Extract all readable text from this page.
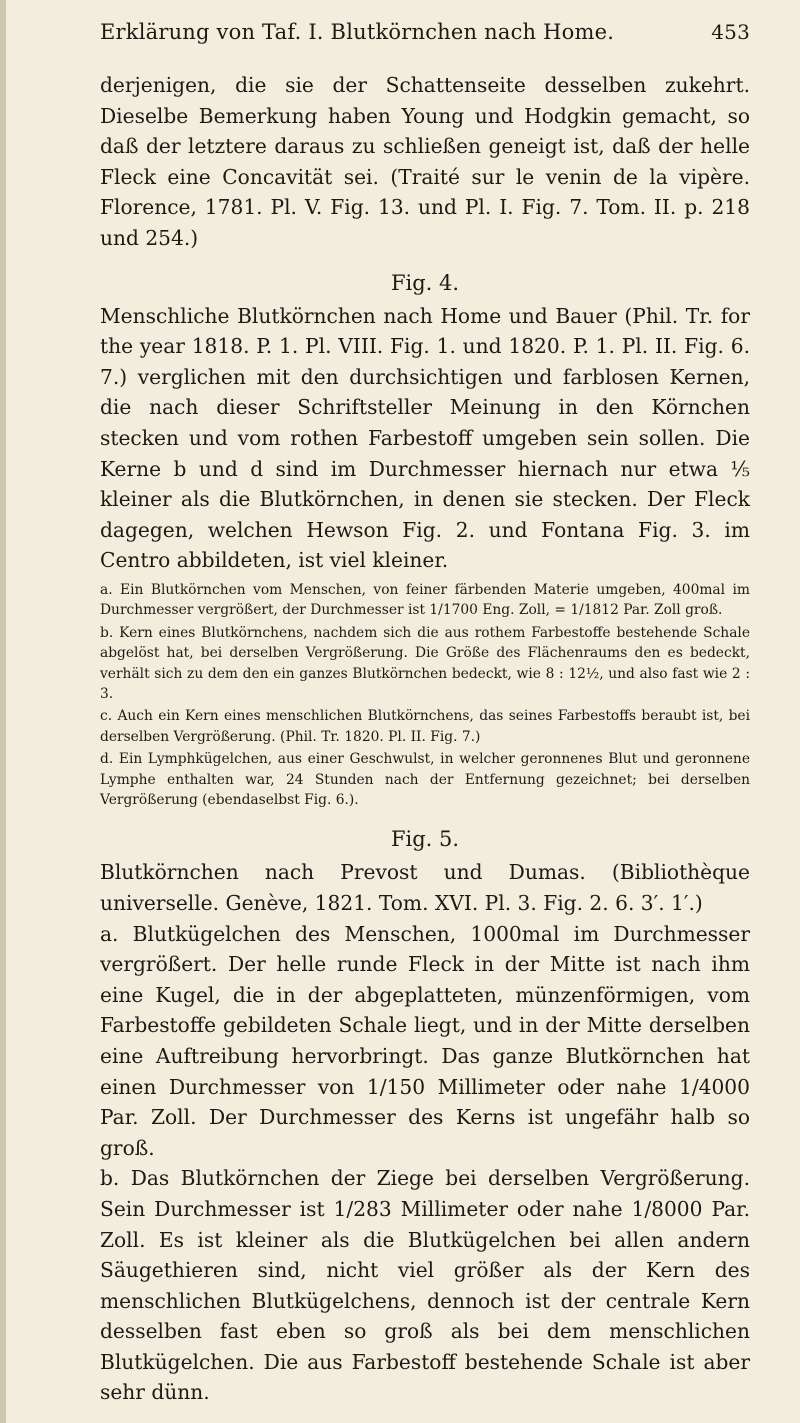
Erklärung von Taf. I. Blutkörnchen nach Home.	453

derjenigen, die sie der Schattenseite desselben zukehrt. Dieselbe Bemerkung haben Young und Hodgkin gemacht, so daß der letztere daraus zu schließen geneigt ist, daß der helle Fleck eine Concavität sei. (Traité sur le venin de la vipère. Florence, 1781. Pl. V. Fig. 13. und Pl. I. Fig. 7. Tom. II. p. 218 und 254.)

Fig. 4.

Menschliche Blutkörnchen nach Home und Bauer (Phil. Tr. for the year 1818. P. 1. Pl. VIII. Fig. 1. und 1820. P. 1. Pl. II. Fig. 6. 7.) verglichen mit den durchsichtigen und farblosen Kernen, die nach dieser Schriftsteller Meinung in den Körnchen stecken und vom rothen Farbestoff umgeben sein sollen. Die Kerne b und d sind im Durchmesser hiernach nur etwa ⅕ kleiner als die Blutkörnchen, in denen sie stecken. Der Fleck dagegen, welchen Hewson Fig. 2. und Fontana Fig. 3. im Centro abbildeten, ist viel kleiner.

a. Ein Blutkörnchen vom Menschen, von feiner färbenden Materie umgeben, 400mal im Durchmesser vergrößert, der Durchmesser ist 1/1700 Eng. Zoll, = 1/1812 Par. Zoll groß.

b. Kern eines Blutkörnchens, nachdem sich die aus rothem Farbestoffe bestehende Schale abgelöst hat, bei derselben Vergrößerung. Die Größe des Flächenraums den es bedeckt, verhält sich zu dem den ein ganzes Blutkörnchen bedeckt, wie 8 : 12½, und also fast wie 2 : 3.

c. Auch ein Kern eines menschlichen Blutkörnchens, das seines Farbestoffs beraubt ist, bei derselben Vergrößerung. (Phil. Tr. 1820. Pl. II. Fig. 7.)

d. Ein Lymphkügelchen, aus einer Geschwulst, in welcher geronnenes Blut und geronnene Lymphe enthalten war, 24 Stunden nach der Entfernung gezeichnet; bei derselben Vergrößerung (ebendaselbst Fig. 6.).

Fig. 5.

Blutkörnchen nach Prevost und Dumas. (Bibliothèque universelle. Genève, 1821. Tom. XVI. Pl. 3. Fig. 2. 6. 3′. 1′.)

a. Blutkügelchen des Menschen, 1000mal im Durchmesser vergrößert. Der helle runde Fleck in der Mitte ist nach ihm eine Kugel, die in der abgeplatteten, münzenförmigen, vom Farbestoffe gebildeten Schale liegt, und in der Mitte derselben eine Auftreibung hervorbringt. Das ganze Blutkörnchen hat einen Durchmesser von 1/150 Millimeter oder nahe 1/4000 Par. Zoll. Der Durchmesser des Kerns ist ungefähr halb so groß.

b. Das Blutkörnchen der Ziege bei derselben Vergrößerung. Sein Durchmesser ist 1/283 Millimeter oder nahe 1/8000 Par. Zoll. Es ist kleiner als die Blutkügelchen bei allen andern Säugethieren sind, nicht viel größer als der Kern des menschlichen Blutkügelchens, dennoch ist der centrale Kern desselben fast eben so groß als bei dem menschlichen Blutkügelchen. Die aus Farbestoff bestehende Schale ist aber sehr dünn.
